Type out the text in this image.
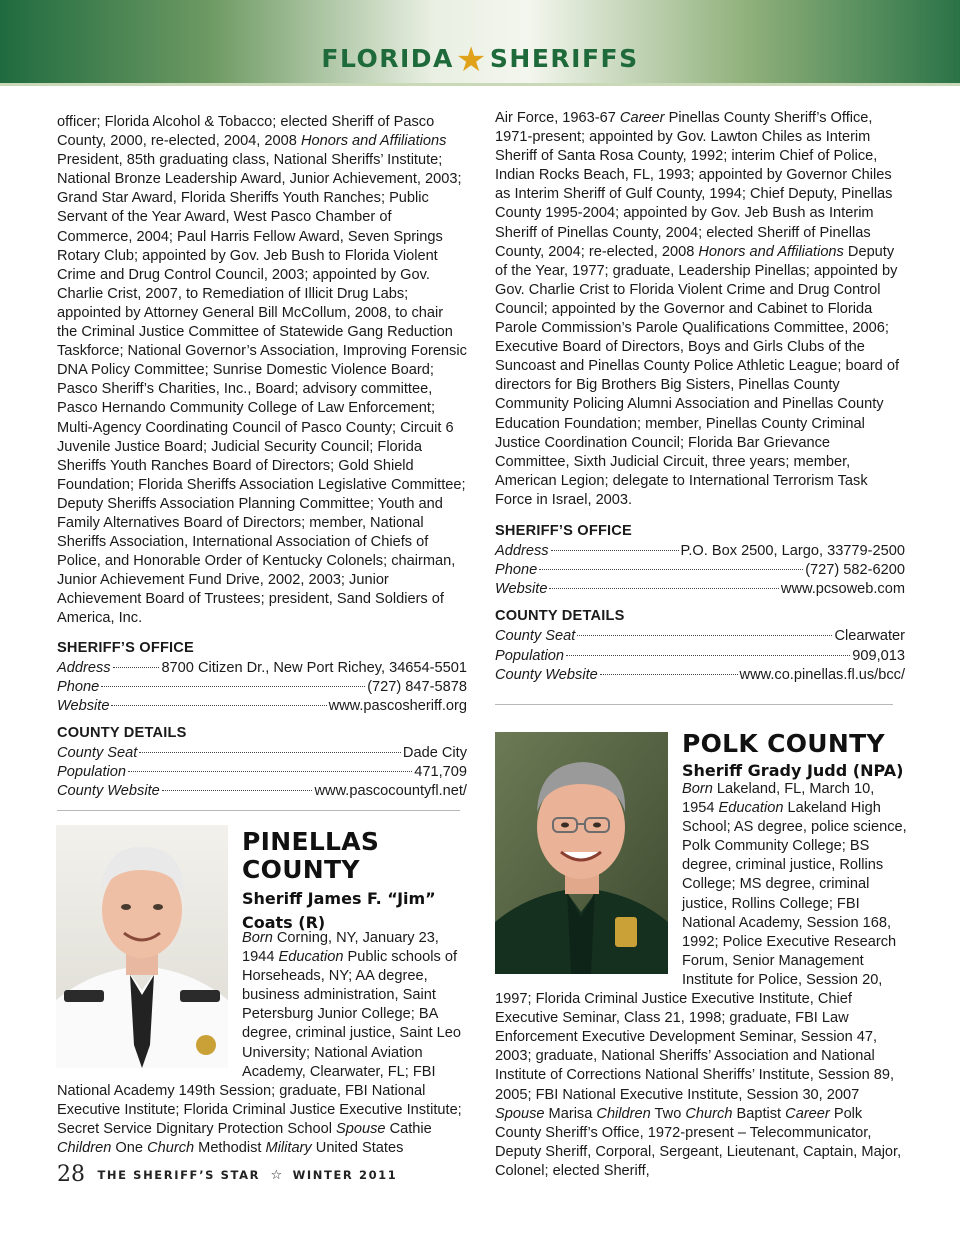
FLORIDA★SHERIFFS

officer; Florida Alcohol & Tobacco; elected Sheriff of Pasco County, 2000, re-elected, 2004, 2008 Honors and Affiliations President, 85th graduating class, National Sheriffs’ Institute; National Bronze Leadership Award, Junior Achievement, 2003; Grand Star Award, Florida Sheriffs Youth Ranches; Public Servant of the Year Award, West Pasco Chamber of Commerce, 2004; Paul Harris Fellow Award, Seven Springs Rotary Club; appointed by Gov. Jeb Bush to Florida Violent Crime and Drug Control Council, 2003; appointed by Gov. Charlie Crist, 2007, to Remediation of Illicit Drug Labs; appointed by Attorney General Bill McCollum, 2008, to chair the Criminal Justice Committee of Statewide Gang Reduction Taskforce; National Governor’s Association, Improving Forensic DNA Policy Committee; Sunrise Domestic Violence Board; Pasco Sheriff’s Charities, Inc., Board; advisory committee, Pasco Hernando Community College of Law Enforcement; Multi-Agency Coordinating Council of Pasco County; Circuit 6 Juvenile Justice Board; Judicial Security Council; Florida Sheriffs Youth Ranches Board of Directors; Gold Shield Foundation; Florida Sheriffs Association Legislative Committee; Deputy Sheriffs Association Planning Committee; Youth and Family Alternatives Board of Directors; member, National Sheriffs Association, International Association of Chiefs of Police, and Honorable Order of Kentucky Colonels; chairman, Junior Achievement Fund Drive, 2002, 2003; Junior Achievement Board of Trustees; president, Sand Soldiers of America, Inc.

SHERIFF’S OFFICE
Address	8700 Citizen Dr., New Port Richey, 34654-5501
Phone	(727) 847-5878
Website	www.pascosheriff.org
COUNTY DETAILS
County Seat	Dade City
Population	471,709
County Website	www.pascocountyfl.net/
PINELLAS
COUNTY
Sheriff James F. “Jim”
Coats (R)

Born Corning, NY, January 23, 1944 Education Public schools of Horseheads, NY; AA degree, business administration, Saint Petersburg Junior College; BA degree, criminal justice, Saint Leo University; National Aviation Academy, Clearwater, FL; FBI National Academy 149th Session; graduate, FBI National Executive Institute; Florida Criminal Justice Executive Institute; Secret Service Dignitary Protection School Spouse Cathie Children One Church Methodist Military United States

Air Force, 1963-67 Career Pinellas County Sheriff’s Office, 1971-present; appointed by Gov. Lawton Chiles as Interim Sheriff of Santa Rosa County, 1992; interim Chief of Police, Indian Rocks Beach, FL, 1993; appointed by Governor Chiles as Interim Sheriff of Gulf County, 1994; Chief Deputy, Pinellas County 1995-2004; appointed by Gov. Jeb Bush as Interim Sheriff of Pinellas County, 2004; elected Sheriff of Pinellas County, 2004; re-elected, 2008 Honors and Affiliations Deputy of the Year, 1977; graduate, Leadership Pinellas; appointed by Gov. Charlie Crist to Florida Violent Crime and Drug Control Council; appointed by the Governor and Cabinet to Florida Parole Commission’s Parole Qualifications Committee, 2006; Executive Board of Directors, Boys and Girls Clubs of the Suncoast and Pinellas County Police Athletic League; board of directors for Big Brothers Big Sisters, Pinellas County Community Policing Alumni Association and Pinellas County Education Foundation; member, Pinellas County Criminal Justice Coordination Council; Florida Bar Grievance Committee, Sixth Judicial Circuit, three years; member, American Legion; delegate to International Terrorism Task Force in Israel, 2003.

SHERIFF’S OFFICE
Address	P.O. Box 2500, Largo, 33779-2500
Phone	(727) 582-6200
Website	www.pcsoweb.com
COUNTY DETAILS
County Seat	Clearwater
Population	909,013
County Website	www.co.pinellas.fl.us/bcc/
POLK COUNTY
Sheriff Grady Judd (NPA)

Born Lakeland, FL, March 10, 1954 Education Lakeland High School; AS degree, police science, Polk Community College; BS degree, criminal justice, Rollins College; MS degree, criminal justice, Rollins College; FBI National Academy, Session 168, 1992; Police Executive Research Forum, Senior Management Institute for Police, Session 20, 1997; Florida Criminal Justice Executive Institute, Chief Executive Seminar, Class 21, 1998; graduate, FBI Law Enforcement Executive Development Seminar, Session 47, 2003; graduate, National Sheriffs’ Association and National Institute of Corrections National Sheriffs’ Institute, Session 89, 2005; FBI National Executive Institute, Session 30, 2007 Spouse Marisa Children Two Church Baptist Career Polk County Sheriff’s Office, 1972-present – Telecommunicator, Deputy Sheriff, Corporal, Sergeant, Lieutenant, Captain, Major, Colonel; elected Sheriff,

28 THE SHERIFF’S STAR ☆ WINTER 2011
